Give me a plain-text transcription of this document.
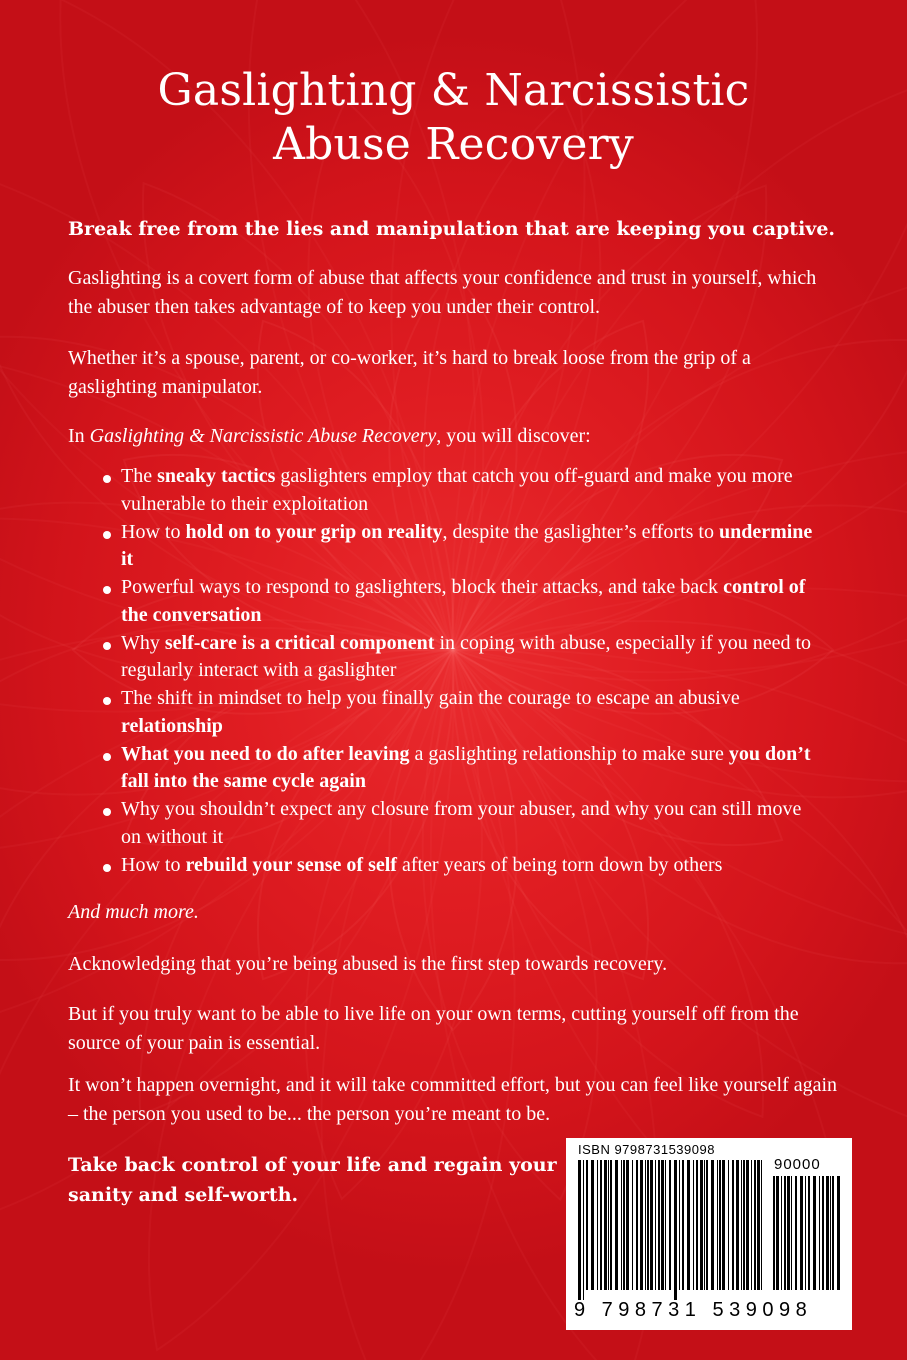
Gaslighting & Narcissistic
Abuse Recovery

Break free from the lies and manipulation that are keeping you captive.

Gaslighting is a covert form of abuse that affects your confidence and trust in yourself, which the abuser then takes advantage of to keep you under their control.

Whether it’s a spouse, parent, or co-worker, it’s hard to break loose from the grip of a gaslighting manipulator.

In Gaslighting & Narcissistic Abuse Recovery, you will discover:

The sneaky tactics gaslighters employ that catch you off-guard and make you more vulnerable to their exploitation
How to hold on to your grip on reality, despite the gaslighter’s efforts to undermine it
Powerful ways to respond to gaslighters, block their attacks, and take back control of the conversation
Why self-care is a critical component in coping with abuse, especially if you need to regularly interact with a gaslighter
The shift in mindset to help you finally gain the courage to escape an abusive relationship
What you need to do after leaving a gaslighting relationship to make sure you don’t fall into the same cycle again
Why you shouldn’t expect any closure from your abuser, and why you can still move on without it
How to rebuild your sense of self after years of being torn down by others

And much more.

Acknowledging that you’re being abused is the first step towards recovery.

But if you truly want to be able to live life on your own terms, cutting yourself off from the source of your pain is essential.

It won’t happen overnight, and it will take committed effort, but you can feel like yourself again – the person you used to be... the person you’re meant to be.

Take back control of your life and regain your sanity and self-worth.

ISBN 9798731539098
90000
9 798731 539098
